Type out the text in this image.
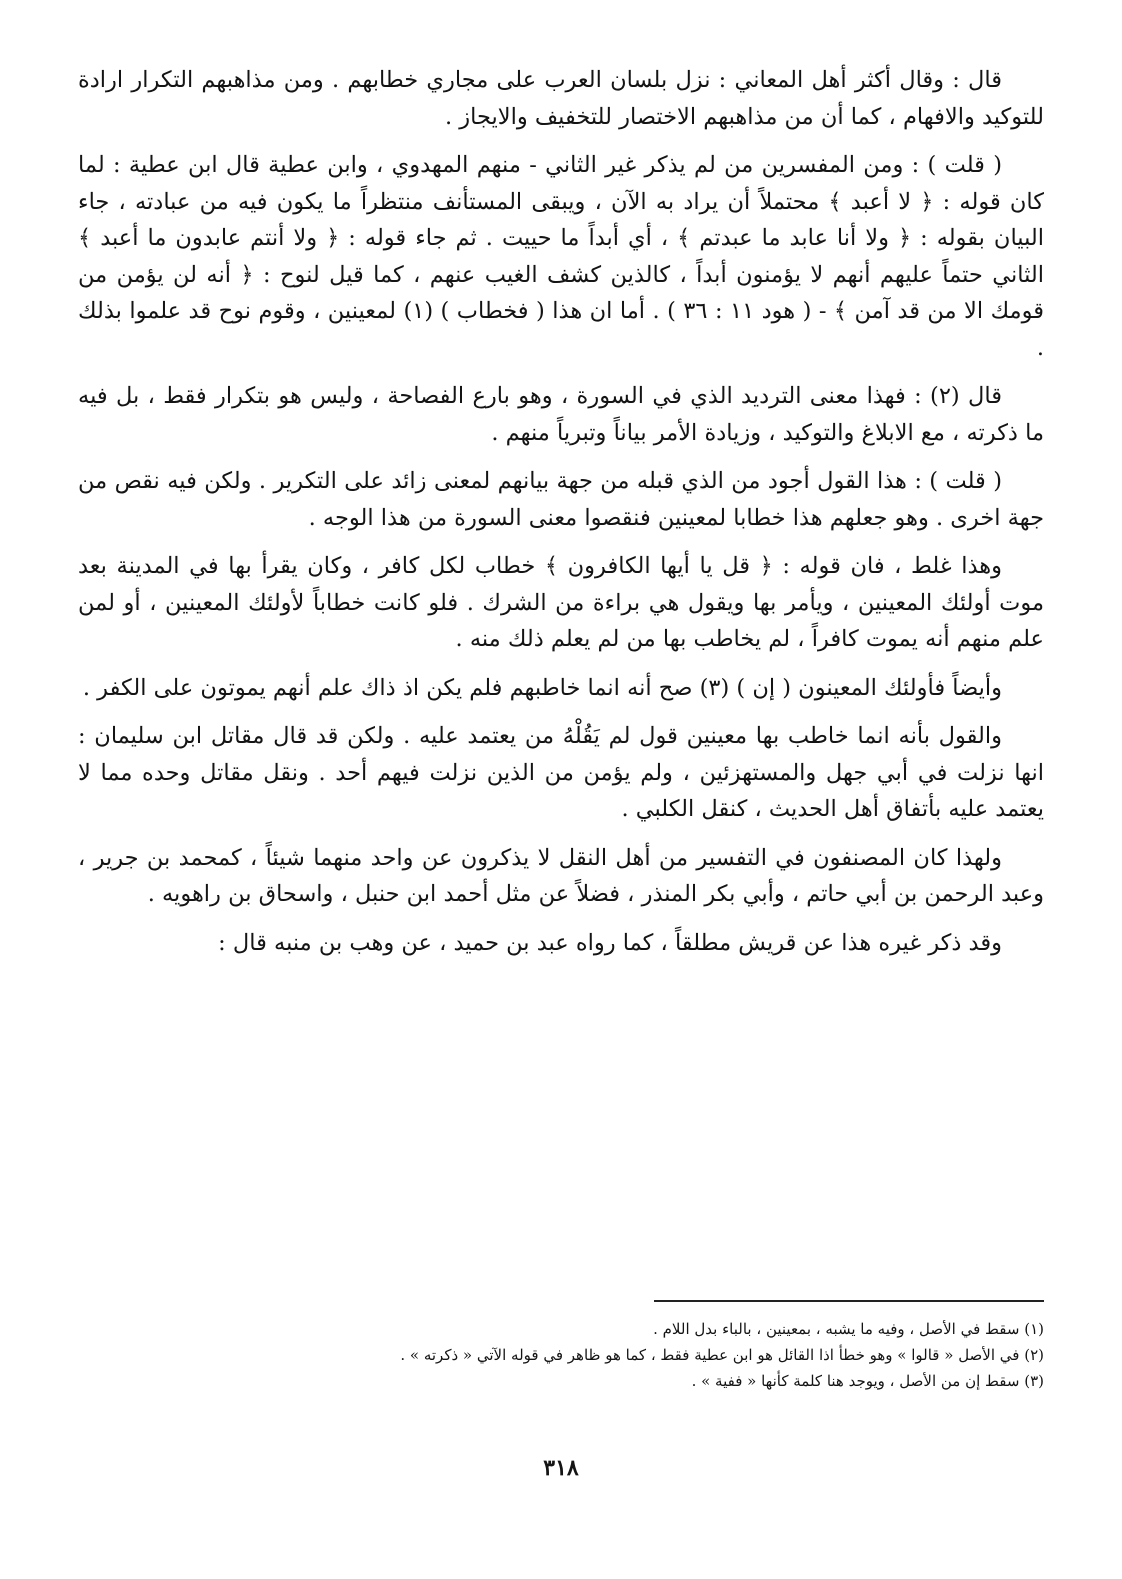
قال : وقال أكثر أهل المعاني : نزل بلسان العرب على مجاري خطابهم . ومن مذاهبهم التكرار ارادة للتوكيد والافهام ، كما أن من مذاهبهم الاختصار للتخفيف والايجاز .

( قلت ) : ومن المفسرين من لم يذكر غير الثاني - منهم المهدوي ، وابن عطية قال ابن عطية : لما كان قوله : ﴿ لا أعبد ﴾ محتملاً أن يراد به الآن ، ويبقى المستأنف منتظراً ما يكون فيه من عبادته ، جاء البيان بقوله : ﴿ ولا أنا عابد ما عبدتم ﴾ ، أي أبداً ما حييت . ثم جاء قوله : ﴿ ولا أنتم عابدون ما أعبد ﴾ الثاني حتماً عليهم أنهم لا يؤمنون أبداً ، كالذين كشف الغيب عنهم ، كما قيل لنوح : ﴿ أنه لن يؤمن من قومك الا من قد آمن ﴾ - ( هود ١١ : ٣٦ ) . أما ان هذا ( فخطاب ) (١) لمعينين ، وقوم نوح قد علموا بذلك .

قال (٢) : فهذا معنى الترديد الذي في السورة ، وهو بارع الفصاحة ، وليس هو بتكرار فقط ، بل فيه ما ذكرته ، مع الابلاغ والتوكيد ، وزيادة الأمر بياناً وتبرياً منهم .

( قلت ) : هذا القول أجود من الذي قبله من جهة بيانهم لمعنى زائد على التكرير . ولكن فيه نقص من جهة اخرى . وهو جعلهم هذا خطابا لمعينين فنقصوا معنى السورة من هذا الوجه .

وهذا غلط ، فان قوله : ﴿ قل يا أيها الكافرون ﴾ خطاب لكل كافر ، وكان يقرأ بها في المدينة بعد موت أولئك المعينين ، ويأمر بها ويقول هي براءة من الشرك . فلو كانت خطاباً لأولئك المعينين ، أو لمن علم منهم أنه يموت كافراً ، لم يخاطب بها من لم يعلم ذلك منه .

وأيضاً فأولئك المعينون ( إن ) (٣) صح أنه انما خاطبهم فلم يكن اذ ذاك علم أنهم يموتون على الكفر .

والقول بأنه انما خاطب بها معينين قول لم يَقُلْهُ من يعتمد عليه . ولكن قد قال مقاتل ابن سليمان : انها نزلت في أبي جهل والمستهزئين ، ولم يؤمن من الذين نزلت فيهم أحد . ونقل مقاتل وحده مما لا يعتمد عليه بأتفاق أهل الحديث ، كنقل الكلبي .

ولهذا كان المصنفون في التفسير من أهل النقل لا يذكرون عن واحد منهما شيئاً ، كمحمد بن جرير ، وعبد الرحمن بن أبي حاتم ، وأبي بكر المنذر ، فضلاً عن مثل أحمد ابن حنبل ، واسحاق بن راهويه .

وقد ذكر غيره هذا عن قريش مطلقاً ، كما رواه عبد بن حميد ، عن وهب بن منبه قال :

(١) سقط في الأصل ، وفيه ما يشبه ، بمعينين ، بالباء بدل اللام .

(٢) في الأصل « قالوا » وهو خطأ اذا القائل هو ابن عطية فقط ، كما هو ظاهر في قوله الآتي « ذكرته » .

(٣) سقط إن من الأصل ، ويوجد هنا كلمة كأنها « ففية » .

٣١٨
